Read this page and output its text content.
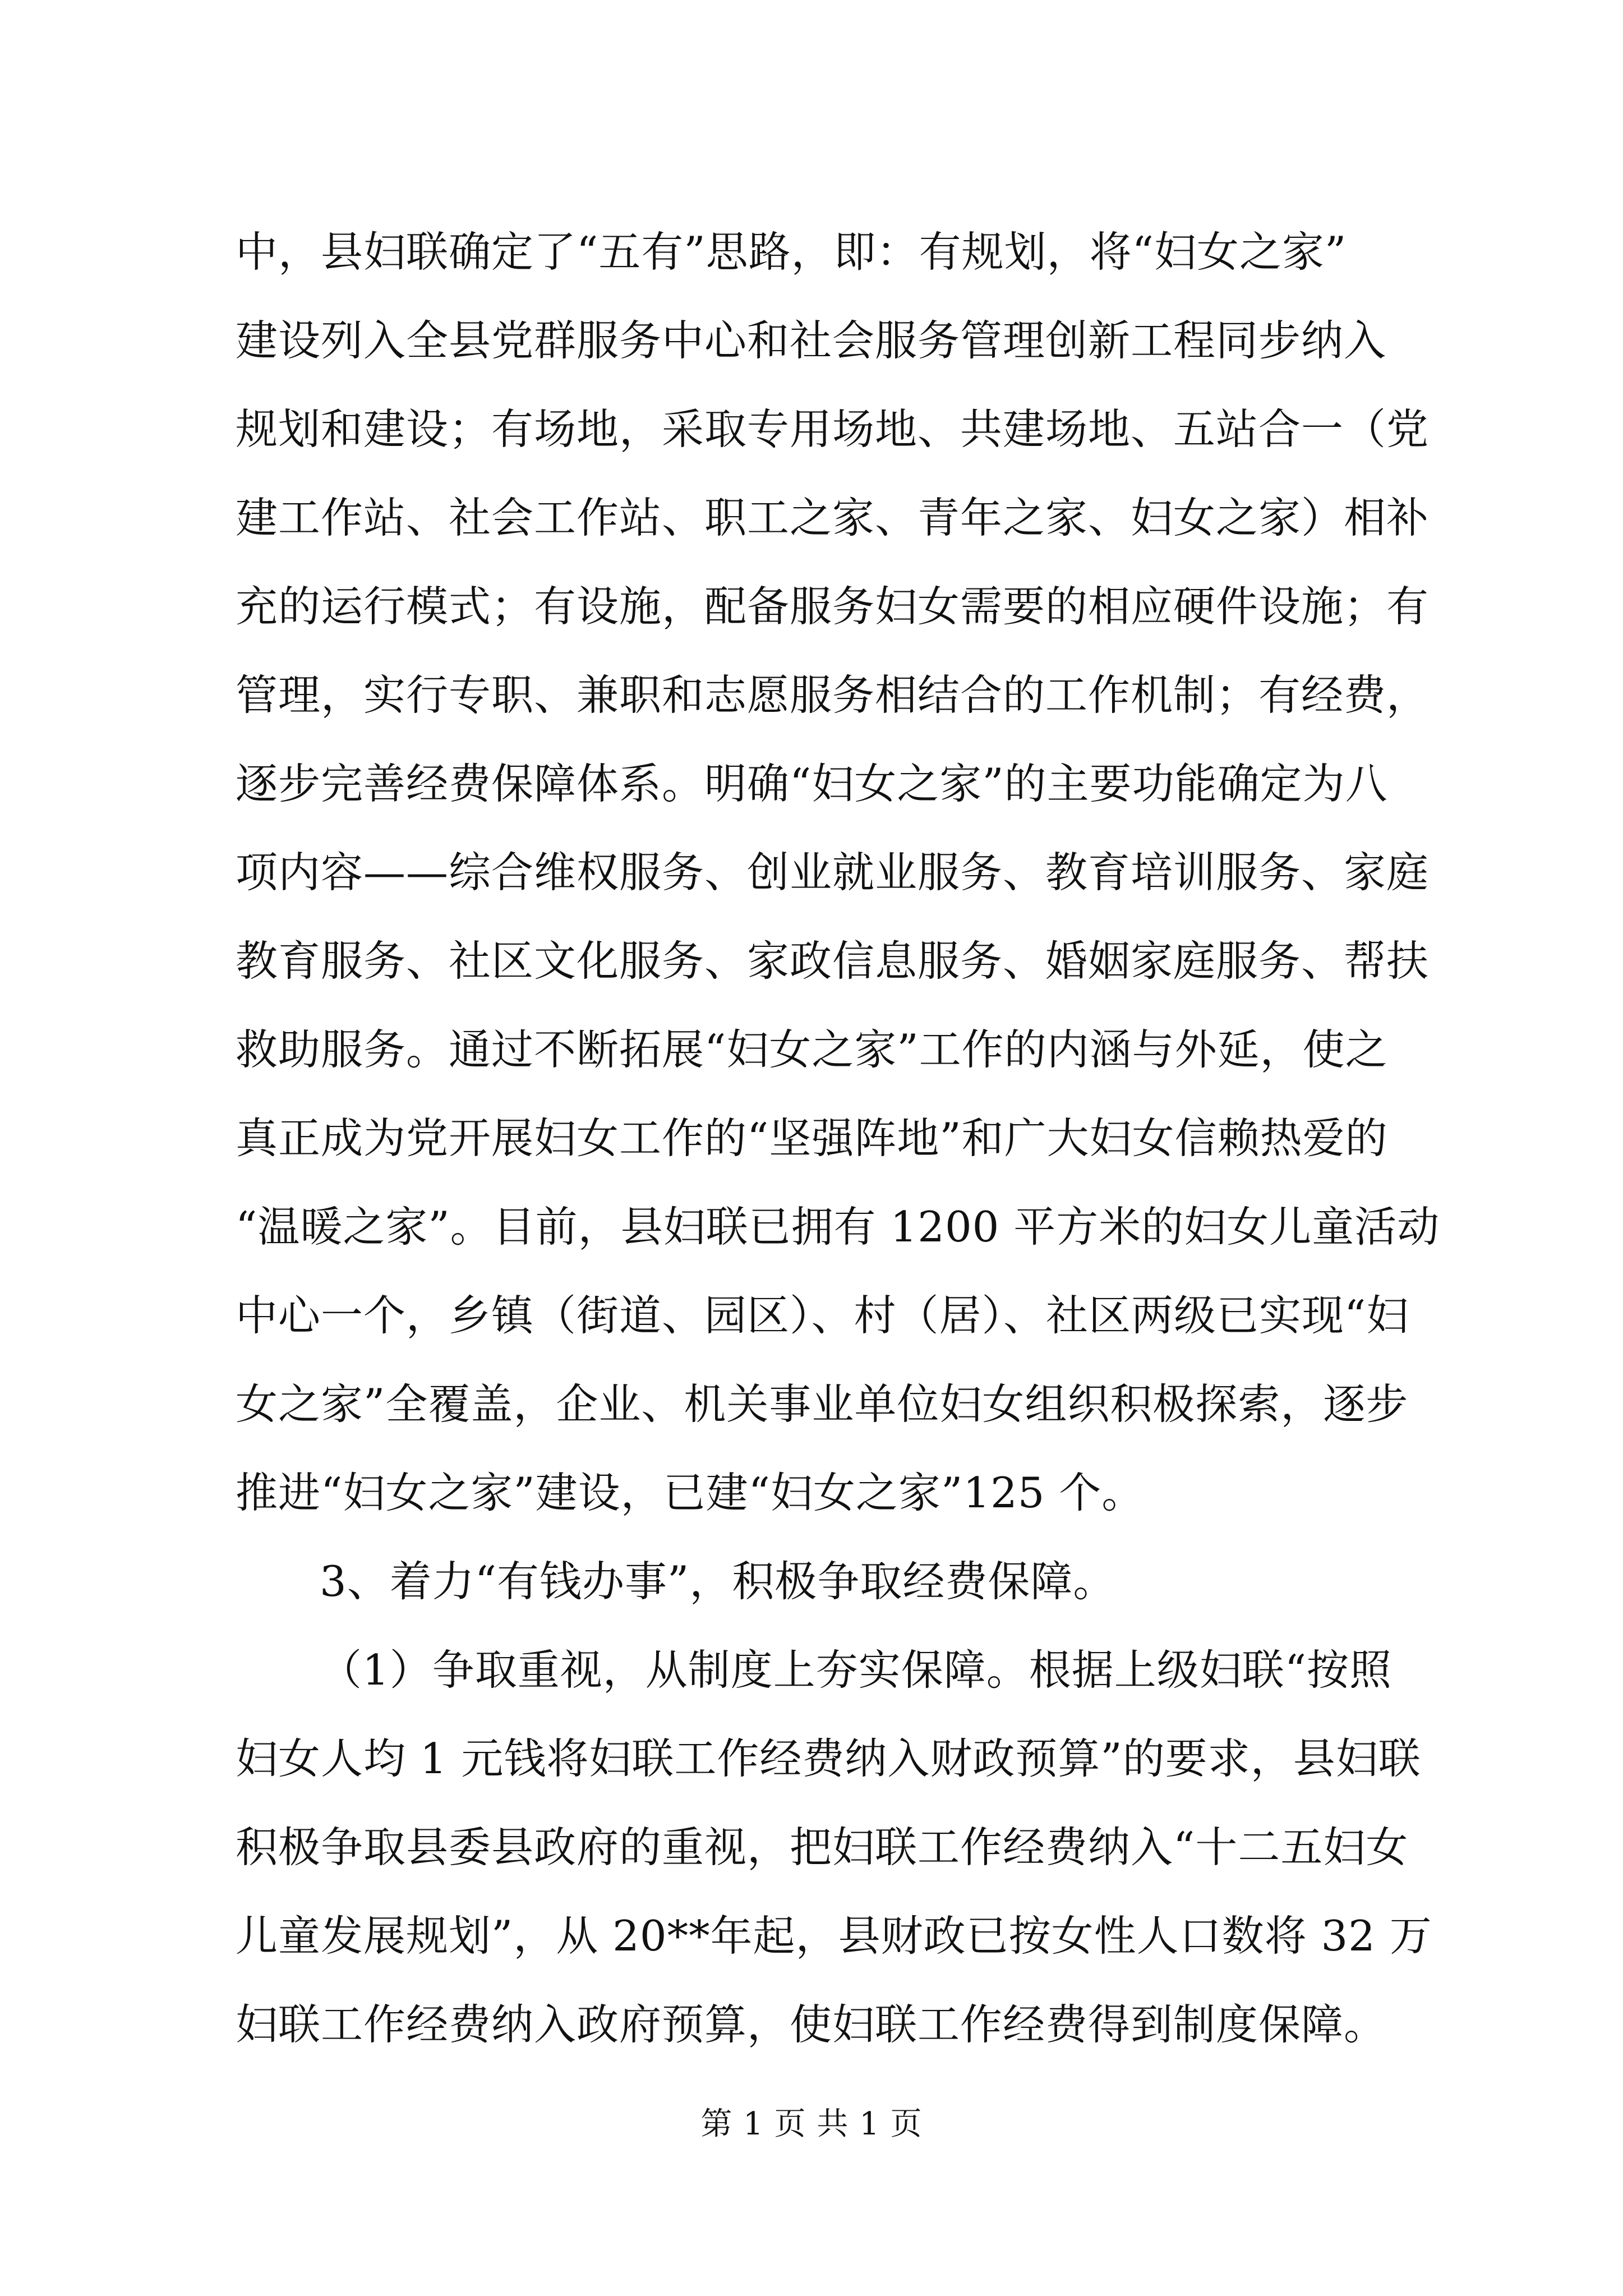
中，县妇联确定了“五有”思路，即：有规划，将“妇女之家”
建设列入全县党群服务中心和社会服务管理创新工程同步纳入
规划和建设；有场地，采取专用场地、共建场地、五站合一（党
建工作站、社会工作站、职工之家、青年之家、妇女之家）相补
充的运行模式；有设施，配备服务妇女需要的相应硬件设施；有
管理，实行专职、兼职和志愿服务相结合的工作机制；有经费，
逐步完善经费保障体系。明确“妇女之家”的主要功能确定为八
项内容——综合维权服务、创业就业服务、教育培训服务、家庭
教育服务、社区文化服务、家政信息服务、婚姻家庭服务、帮扶
救助服务。通过不断拓展“妇女之家”工作的内涵与外延，使之
真正成为党开展妇女工作的“坚强阵地”和广大妇女信赖热爱的
“温暖之家”。目前，县妇联已拥有 1200 平方米的妇女儿童活动
中心一个，乡镇（街道、园区）、村（居）、社区两级已实现“妇
女之家”全覆盖，企业、机关事业单位妇女组织积极探索，逐步
推进“妇女之家”建设，已建“妇女之家”125 个。
3、着力“有钱办事”，积极争取经费保障。
（1）争取重视，从制度上夯实保障。根据上级妇联“按照
妇女人均 1 元钱将妇联工作经费纳入财政预算”的要求，县妇联
积极争取县委县政府的重视，把妇联工作经费纳入“十二五妇女
儿童发展规划”，从 20**年起，县财政已按女性人口数将 32 万
妇联工作经费纳入政府预算，使妇联工作经费得到制度保障。
第 1 页 共 1 页
